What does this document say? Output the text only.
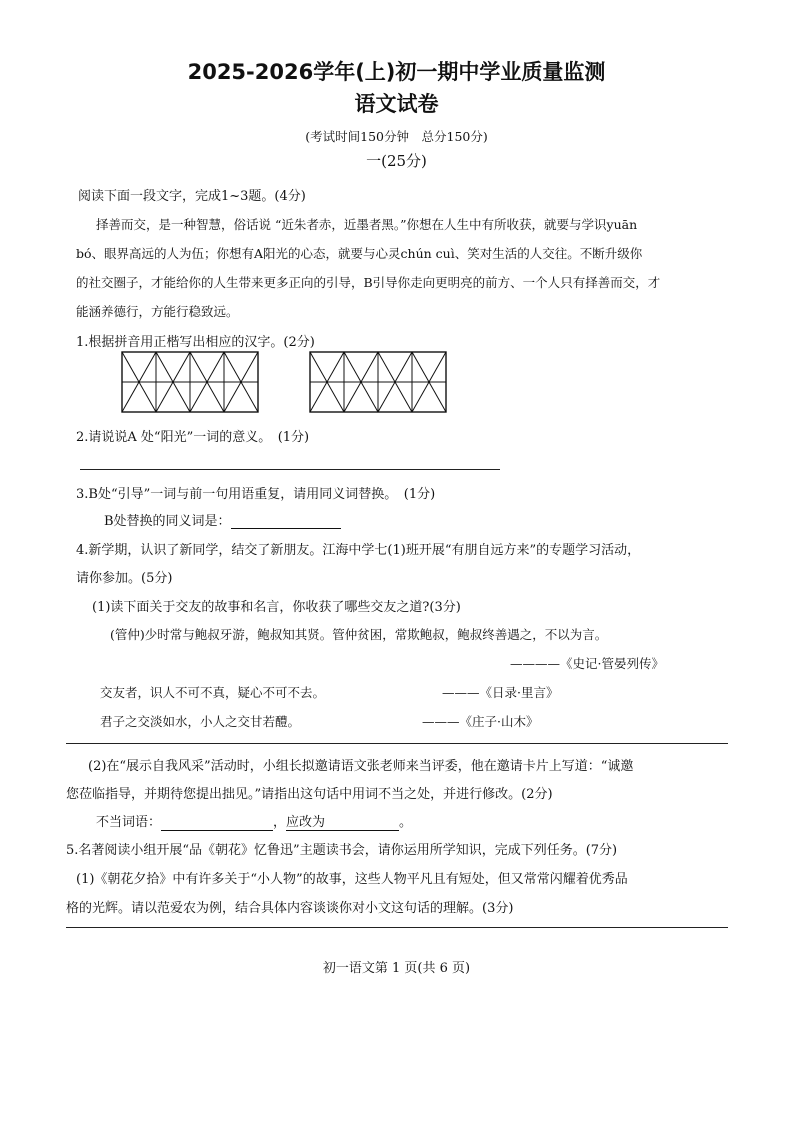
2025-2026学年(上)初一期中学业质量监测
语文试卷
(考试时间150分钟　总分150分)
一(25分)
阅读下面一段文字，完成1~3题。(4分)
择善而交，是一种智慧，俗话说 “近朱者赤，近墨者黑。”你想在人生中有所收获，就要与学识yuān
bó、眼界高远的人为伍；你想有A阳光的心态，就要与心灵chún cuì、笑对生活的人交往。不断升级你
的社交圈子，才能给你的人生带来更多正向的引导，B引导你走向更明亮的前方、一个人只有择善而交，才
能涵养德行，方能行稳致远。
1.根据拼音用正楷写出相应的汉字。(2分)
2.请说说A 处“阳光”一词的意义。　(1分)
3.B处“引导”一词与前一句用语重复，请用同义词替换。　(1分)
B处替换的同义词是：
4.新学期，认识了新同学，结交了新朋友。江海中学七(1)班开展“有朋自远方来”的专题学习活动，
请你参加。(5分)
(1)读下面关于交友的故事和名言，你收获了哪些交友之道?(3分)
(管仲)少时常与鲍叔牙游，鲍叔知其贤。管仲贫困，常欺鲍叔，鲍叔终善遇之，不以为言。
————《史记·管晏列传》
交友者，识人不可不真，疑心不可不去。	———《日录·里言》
君子之交淡如水，小人之交甘若醴。	———《庄子·山木》
(2)在“展示自我风采”活动时，小组长拟邀请语文张老师来当评委，他在邀请卡片上写道：“诚邀
您莅临指导，并期待您提出拙见。”请指出这句话中用词不当之处，并进行修改。(2分)
不当词语：	，应改为	。
5.名著阅读小组开展“品《朝花》忆鲁迅”主题读书会，请你运用所学知识，完成下列任务。(7分)
(1)《朝花夕拾》中有许多关于“小人物”的故事，这些人物平凡且有短处，但又常常闪耀着优秀品
格的光辉。请以范爱农为例，结合具体内容谈谈你对小文这句话的理解。(3分)
初一语文第 1 页(共 6 页)
